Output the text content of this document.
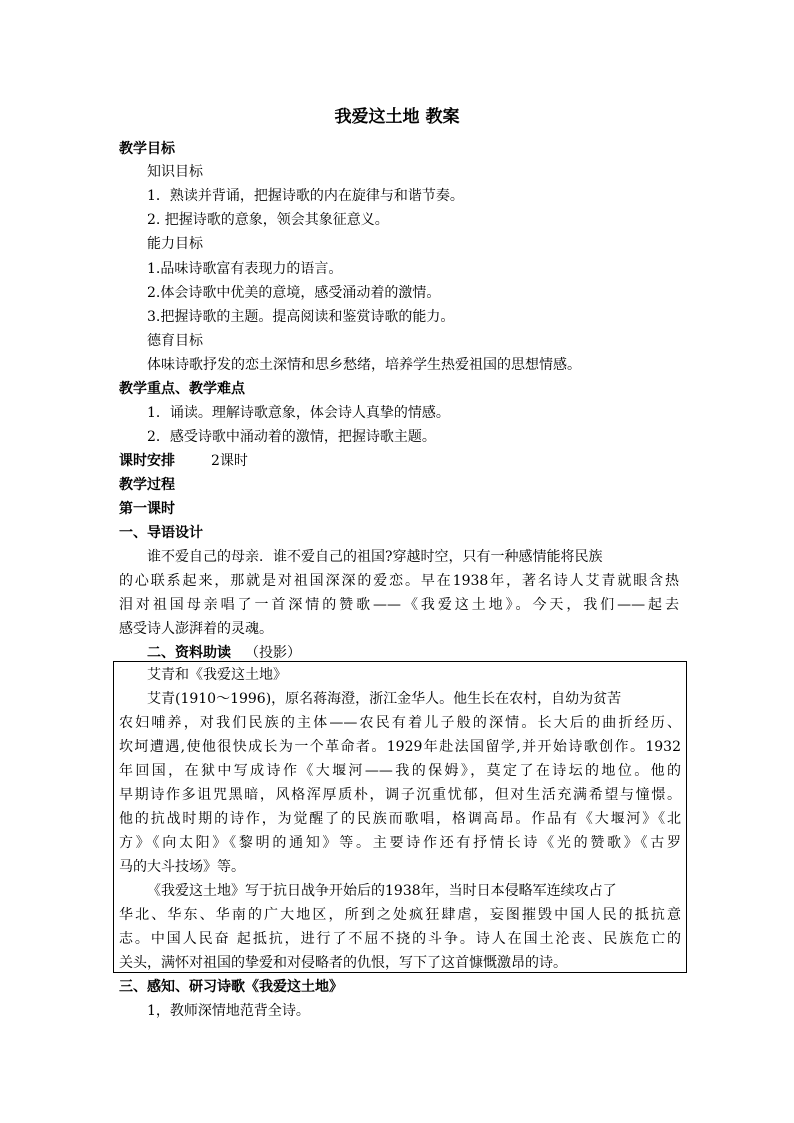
我爱这土地 教案
教学目标
知识目标
1．熟读并背诵，把握诗歌的内在旋律与和谐节奏。
2. 把握诗歌的意象，领会其象征意义。
能力目标
1.品味诗歌富有表现力的语言。
2.体会诗歌中优美的意境，感受涌动着的激情。
3.把握诗歌的主题。提高阅读和鉴赏诗歌的能力。
德育目标
体味诗歌抒发的恋土深情和思乡愁绪，培养学生热爱祖国的思想情感。
教学重点、教学难点
1．诵读。理解诗歌意象，体会诗人真挚的情感。
2．感受诗歌中涌动着的激情，把握诗歌主题。
课时安排	2课时
教学过程
第一课时
一、导语设计
谁不爱自己的母亲．谁不爱自己的祖国?穿越时空，只有一种感情能将民族
的心联系起来，那就是对祖国深深的爱恋。早在1938年，著名诗人艾青就眼含热
泪对祖国母亲唱了一首深情的赞歌——《我爱这土地》。今天，我们——起去
感受诗人澎湃着的灵魂。
二、资料助读 （投影）
艾青和《我爱这土地》
艾青(1910～1996)，原名蒋海澄，浙江金华人。他生长在农村，自幼为贫苦
农妇哺养，对我们民族的主体——农民有着儿子般的深情。长大后的曲折经历、
坎坷遭遇,使他很快成长为一个革命者。1929年赴法国留学,并开始诗歌创作。1932
年回国，在狱中写成诗作《大堰河——我的保姆》，莫定了在诗坛的地位。他的
早期诗作多诅咒黑暗，风格浑厚质朴，调子沉重忧郁，但对生活充满希望与憧憬。
他的抗战时期的诗作，为觉醒了的民族而歌唱，格调高昂。作品有《大堰河》《北
方》《向太阳》《黎明的通知》等。主要诗作还有抒情长诗《光的赞歌》《古罗
马的大斗技场》等。
《我爱这土地》写于抗日战争开始后的1938年，当时日本侵略军连续攻占了
华北、华东、华南的广大地区，所到之处疯狂肆虐，妄图摧毁中国人民的抵抗意
志。中国人民奋 起抵抗，进行了不屈不挠的斗争。诗人在国土沦丧、民族危亡的
关头，满怀对祖国的挚爱和对侵略者的仇恨，写下了这首慷慨激昂的诗。
三、感知、研习诗歌《我爱这土地》
1，教师深情地范背全诗。
